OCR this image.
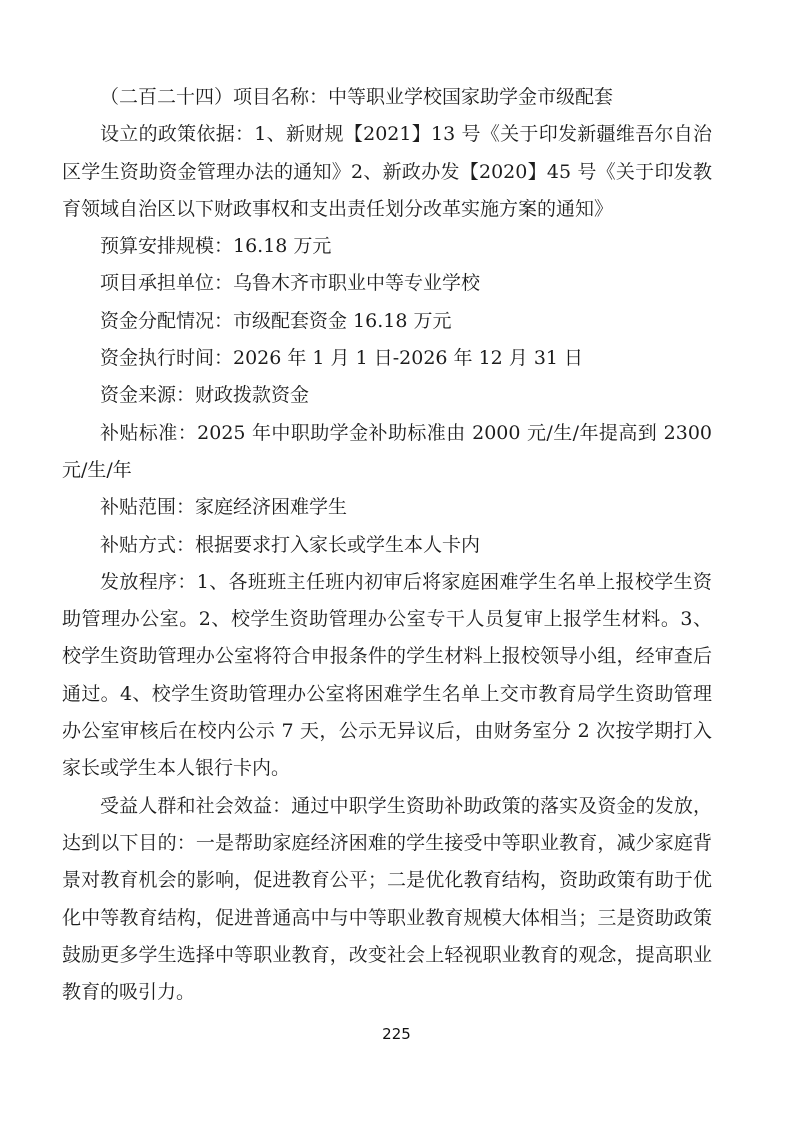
（二百二十四）项目名称：中等职业学校国家助学金市级配套

设立的政策依据：1、新财规【2021】13 号《关于印发新疆维吾尔自治区学生资助资金管理办法的通知》2、新政办发【2020】45 号《关于印发教育领域自治区以下财政事权和支出责任划分改革实施方案的通知》

预算安排规模：16.18 万元

项目承担单位：乌鲁木齐市职业中等专业学校

资金分配情况：市级配套资金 16.18 万元

资金执行时间：2026 年 1 月 1 日-2026 年 12 月 31 日

资金来源：财政拨款资金

补贴标准：2025 年中职助学金补助标准由 2000 元/生/年提高到 2300 元/生/年

补贴范围：家庭经济困难学生

补贴方式：根据要求打入家长或学生本人卡内

发放程序：1、各班班主任班内初审后将家庭困难学生名单上报校学生资助管理办公室。2、校学生资助管理办公室专干人员复审上报学生材料。3、校学生资助管理办公室将符合申报条件的学生材料上报校领导小组，经审查后通过。4、校学生资助管理办公室将困难学生名单上交市教育局学生资助管理办公室审核后在校内公示 7 天，公示无异议后，由财务室分 2 次按学期打入家长或学生本人银行卡内。

受益人群和社会效益：通过中职学生资助补助政策的落实及资金的发放，达到以下目的：一是帮助家庭经济困难的学生接受中等职业教育，减少家庭背景对教育机会的影响，促进教育公平；二是优化教育结构，资助政策有助于优化中等教育结构，促进普通高中与中等职业教育规模大体相当；三是资助政策鼓励更多学生选择中等职业教育，改变社会上轻视职业教育的观念，提高职业教育的吸引力。

225
